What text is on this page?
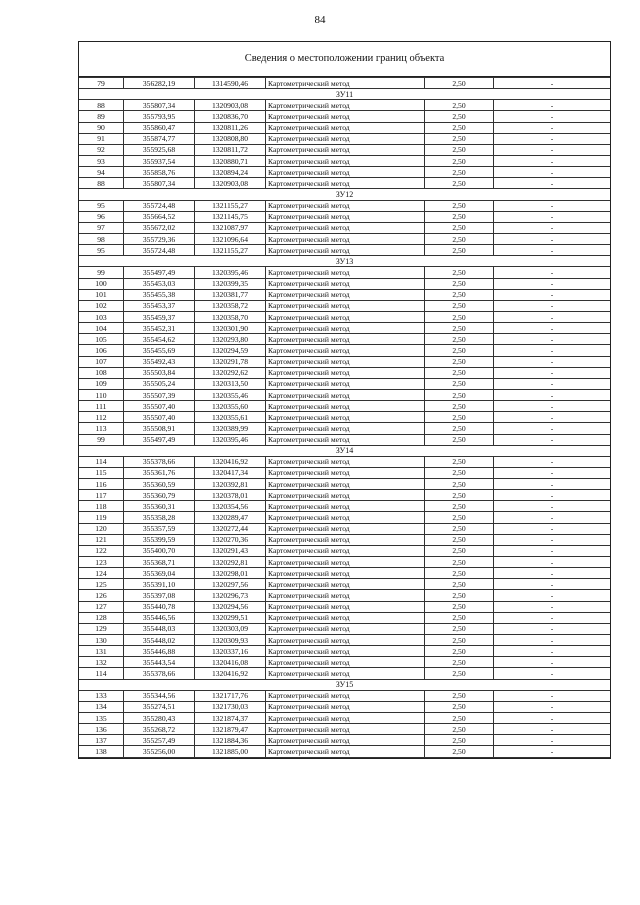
84
Сведения о местоположении границ объекта
79	356282,19	1314590,46	Картометрический метод	2,50	-
ЗУ11					
88	355807,34	1320903,08	Картометрический метод	2,50	-
89	355793,95	1320836,70	Картометрический метод	2,50	-
90	355860,47	1320811,26	Картометрический метод	2,50	-
91	355874,77	1320808,80	Картометрический метод	2,50	-
92	355925,68	1320811,72	Картометрический метод	2,50	-
93	355937,54	1320880,71	Картометрический метод	2,50	-
94	355858,76	1320894,24	Картометрический метод	2,50	-
88	355807,34	1320903,08	Картометрический метод	2,50	-
ЗУ12					
95	355724,48	1321155,27	Картометрический метод	2,50	-
96	355664,52	1321145,75	Картометрический метод	2,50	-
97	355672,02	1321087,97	Картометрический метод	2,50	-
98	355729,36	1321096,64	Картометрический метод	2,50	-
95	355724,48	1321155,27	Картометрический метод	2,50	-
ЗУ13					
99	355497,49	1320395,46	Картометрический метод	2,50	-
100	355453,03	1320399,35	Картометрический метод	2,50	-
101	355455,38	1320381,77	Картометрический метод	2,50	-
102	355453,37	1320358,72	Картометрический метод	2,50	-
103	355459,37	1320358,70	Картометрический метод	2,50	-
104	355452,31	1320301,90	Картометрический метод	2,50	-
105	355454,62	1320293,80	Картометрический метод	2,50	-
106	355455,69	1320294,59	Картометрический метод	2,50	-
107	355492,43	1320291,78	Картометрический метод	2,50	-
108	355503,84	1320292,62	Картометрический метод	2,50	-
109	355505,24	1320313,50	Картометрический метод	2,50	-
110	355507,39	1320355,46	Картометрический метод	2,50	-
111	355507,40	1320355,60	Картометрический метод	2,50	-
112	355507,40	1320355,61	Картометрический метод	2,50	-
113	355508,91	1320389,99	Картометрический метод	2,50	-
99	355497,49	1320395,46	Картометрический метод	2,50	-
ЗУ14					
114	355378,66	1320416,92	Картометрический метод	2,50	-
115	355361,76	1320417,34	Картометрический метод	2,50	-
116	355360,59	1320392,81	Картометрический метод	2,50	-
117	355360,79	1320378,01	Картометрический метод	2,50	-
118	355360,31	1320354,56	Картометрический метод	2,50	-
119	355358,28	1320289,47	Картометрический метод	2,50	-
120	355357,59	1320272,44	Картометрический метод	2,50	-
121	355399,59	1320270,36	Картометрический метод	2,50	-
122	355400,70	1320291,43	Картометрический метод	2,50	-
123	355368,71	1320292,81	Картометрический метод	2,50	-
124	355369,04	1320298,01	Картометрический метод	2,50	-
125	355391,10	1320297,56	Картометрический метод	2,50	-
126	355397,08	1320296,73	Картометрический метод	2,50	-
127	355440,78	1320294,56	Картометрический метод	2,50	-
128	355446,56	1320299,51	Картометрический метод	2,50	-
129	355448,03	1320303,09	Картометрический метод	2,50	-
130	355448,02	1320309,93	Картометрический метод	2,50	-
131	355446,88	1320337,16	Картометрический метод	2,50	-
132	355443,54	1320416,08	Картометрический метод	2,50	-
114	355378,66	1320416,92	Картометрический метод	2,50	-
ЗУ15					
133	355344,56	1321717,76	Картометрический метод	2,50	-
134	355274,51	1321730,03	Картометрический метод	2,50	-
135	355280,43	1321874,37	Картометрический метод	2,50	-
136	355268,72	1321879,47	Картометрический метод	2,50	-
137	355257,49	1321884,36	Картометрический метод	2,50	-
138	355256,00	1321885,00	Картометрический метод	2,50	-
